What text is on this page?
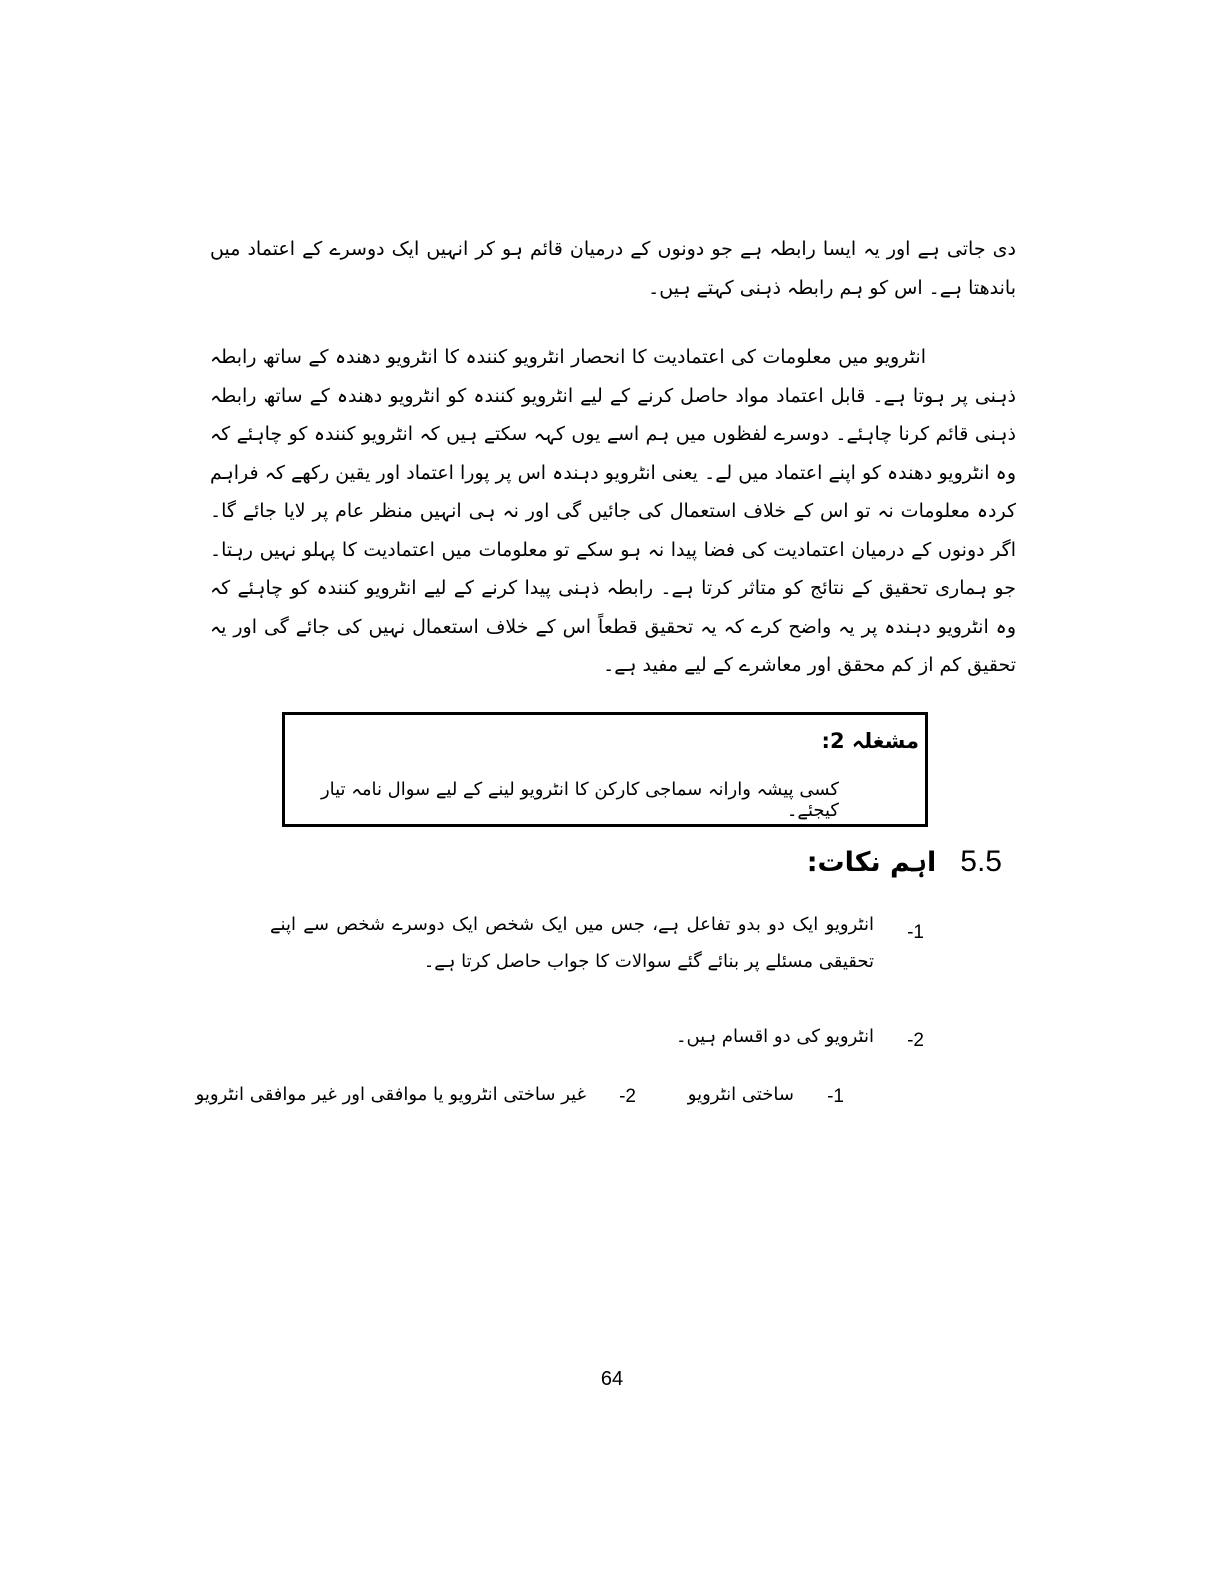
دی جاتی ہے اور یہ ایسا رابطہ ہے جو دونوں کے درمیان قائم ہو کر انہیں ایک دوسرے کے اعتماد میں باندھتا ہے۔ اس کو ہم رابطہ ذہنی کہتے ہیں۔
انٹرویو میں معلومات کی اعتمادیت کا انحصار انٹرویو کنندہ کا انٹرویو دھندہ کے ساتھ رابطہ ذہنی پر ہوتا ہے۔ قابل اعتماد مواد حاصل کرنے کے لیے انٹرویو کنندہ کو انٹرویو دھندہ کے ساتھ رابطہ ذہنی قائم کرنا چاہئے۔ دوسرے لفظوں میں ہم اسے یوں کہہ سکتے ہیں کہ انٹرویو کنندہ کو چاہئے کہ وہ انٹرویو دھندہ کو اپنے اعتماد میں لے۔ یعنی انٹرویو دہندہ اس پر پورا اعتماد اور یقین رکھے کہ فراہم کردہ معلومات نہ تو اس کے خلاف استعمال کی جائیں گی اور نہ ہی انہیں منظر عام پر لایا جائے گا۔ اگر دونوں کے درمیان اعتمادیت کی فضا پیدا نہ ہو سکے تو معلومات میں اعتمادیت کا پہلو نہیں رہتا۔ جو ہماری تحقیق کے نتائج کو متاثر کرتا ہے۔ رابطہ ذہنی پیدا کرنے کے لیے انٹرویو کنندہ کو چاہئے کہ وہ انٹرویو دہندہ پر یہ واضح کرے کہ یہ تحقیق قطعاً اس کے خلاف استعمال نہیں کی جائے گی اور یہ تحقیق کم از کم محقق اور معاشرے کے لیے مفید ہے۔
مشغلہ 2:
کسی پیشہ وارانہ سماجی کارکن کا انٹرویو لینے کے لیے سوال نامہ تیار کیجئے۔
5.5
اہم نکات:
-1
انٹرویو ایک دو بدو تفاعل ہے، جس میں ایک شخص ایک دوسرے شخص سے اپنے تحقیقی مسئلے پر بنائے گئے سوالات کا جواب حاصل کرتا ہے۔
-2
انٹرویو کی دو اقسام ہیں۔
-1
ساختی انٹرویو
-2
غیر ساختی انٹرویو یا موافقی اور غیر موافقی انٹرویو
64
